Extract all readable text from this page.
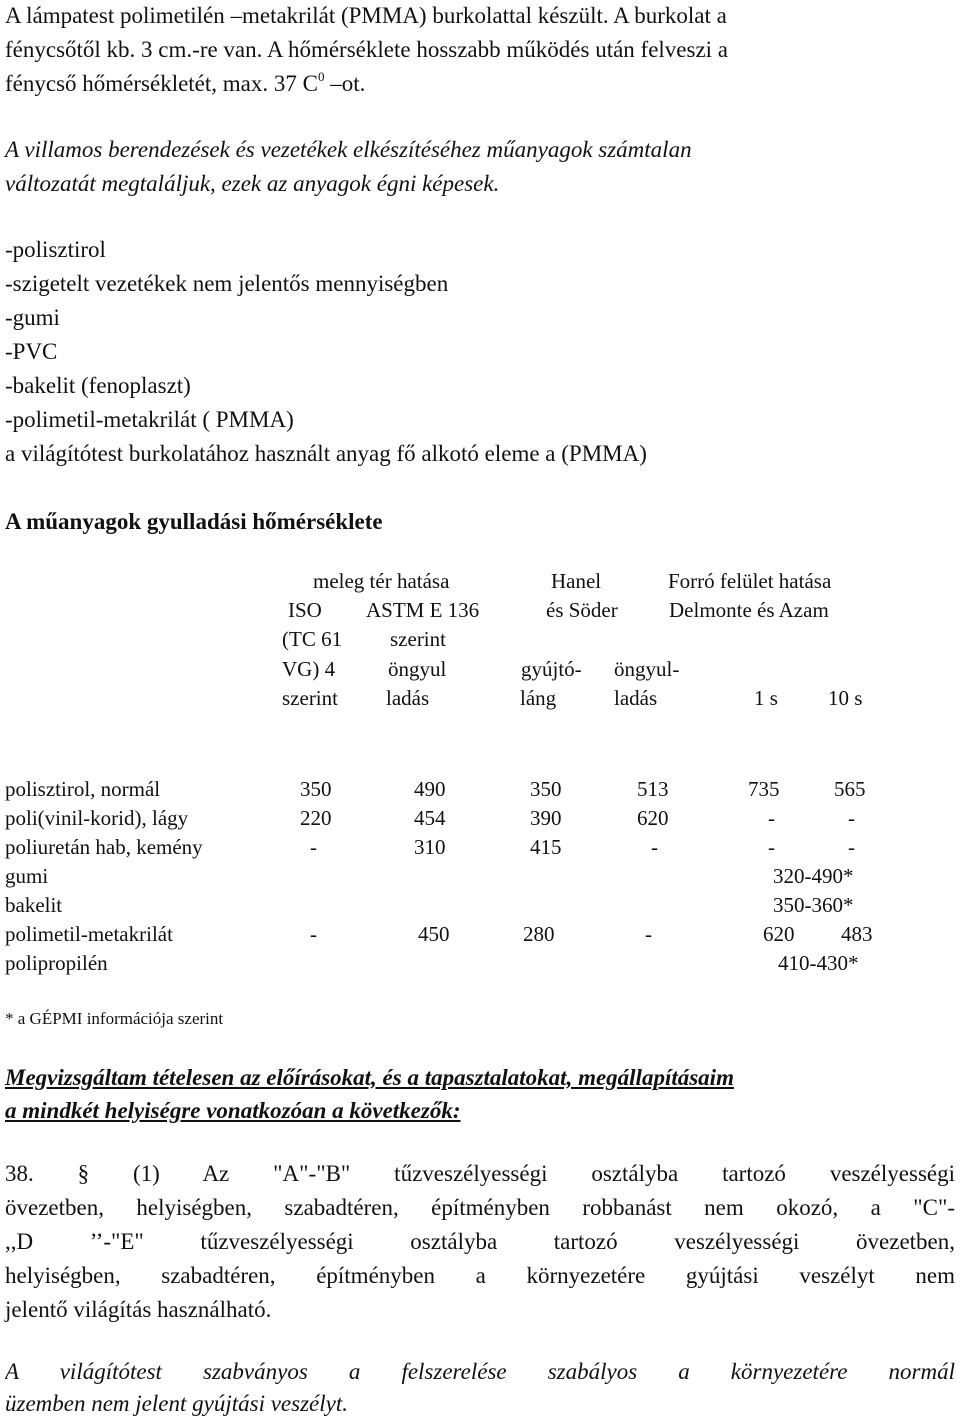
A lámpatest polimetilén –metakrilát (PMMA) burkolattal készült. A burkolat a
fénycsőtől kb. 3 cm.-re van. A hőmérséklete hosszabb működés után felveszi a
fénycső hőmérsékletét, max. 37 $C^0$ –ot.
A villamos berendezések és vezetékek elkészítéséhez műanyagok számtalan
változatát megtaláljuk, ezek az anyagok égni képesek.
-polisztirol
-szigetelt vezetékek nem jelentős mennyiségben
-gumi
-PVC
-bakelit (fenoplaszt)
-polimetil-metakrilát ( PMMA)
a világítótest burkolatához használt anyag fő alkotó eleme a (PMMA)
A műanyagok gyulladási hőmérséklete
meleg tér hatása	Hanel	Forró felület hatása
ISO ASTM E 136	és Söder Delmonte és Azam
(TC 61 szerint
VG) 4	öngyul	gyújtó- öngyul-
szerint ladás	láng	ladás	1 s 10 s
polisztirol, normál	350	490	350	513	735	565
poli(vinil-korid), lágy	220	454	390	620	-	-
poliuretán hab, kemény	-	310	415	-	-	-
gumi	320-490*
bakelit	350-360*
polimetil-metakrilát	-	450	280	-	620 483
polipropilén	410-430*
* a GÉPMI információja szerint
Megvizsgáltam tételesen az előírásokat, és a tapasztalatokat, megállapításaim
a mindkét helyiségre vonatkozóan a következők:
38. § (1) Az "A"-"B" tűzveszélyességi osztályba tartozó veszélyességi
övezetben, helyiségben, szabadtéren, építményben robbanást nem okozó, a "C"-
,,D ’’-"E" tűzveszélyességi osztályba tartozó veszélyességi övezetben,
helyiségben, szabadtéren, építményben a környezetére gyújtási veszélyt nem
jelentő világítás használható.
A világítótest szabványos a felszerelése szabályos a környezetére normál
üzemben nem jelent gyújtási veszélyt.
